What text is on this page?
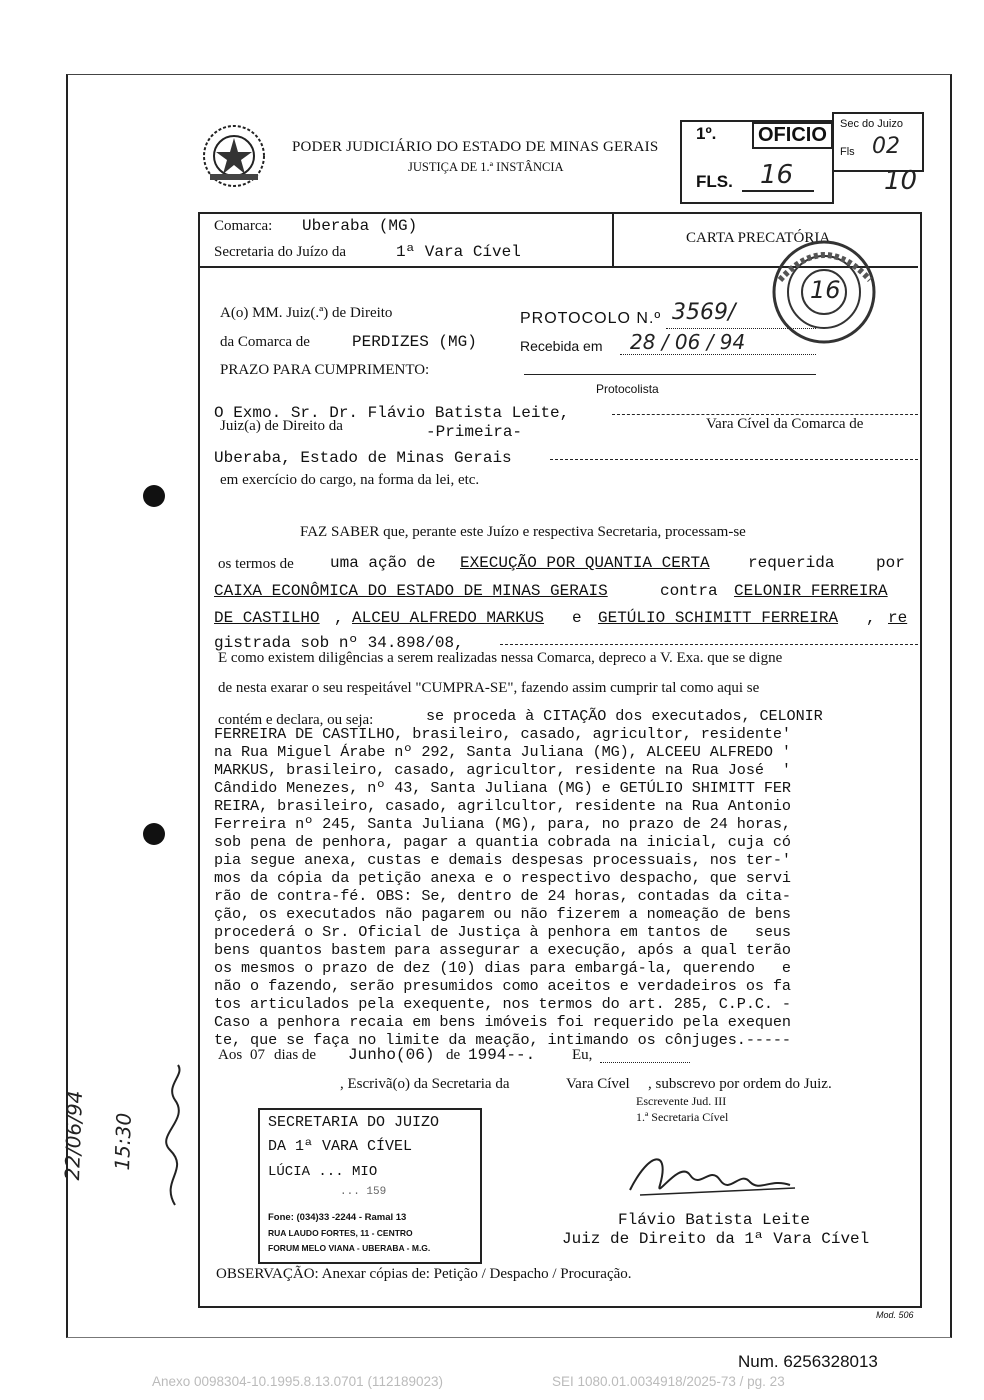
PODER JUDICIÁRIO DO ESTADO DE MINAS GERAIS
JUSTIÇA DE 1.ª INSTÂNCIA
1º.	OFICIO
FLS. 16	10
Sec do Juizo
Fls 02
Comarca: Uberaba (MG)
Secretaria do Juízo da	1ª Vara Cível
CARTA PRECATÓRIA
16
A(o) MM. Juiz(.ª) de Direito
da Comarca de	PERDIZES (MG)
PRAZO PARA CUMPRIMENTO:
PROTOCOLO N.º 3569/
Recebida em 28 / 06 / 94
Protocolista
O Exmo. Sr. Dr. Flávio Batista Leite,
Juiz(a) de Direito da	-Primeira-	Vara Cível da Comarca de
Uberaba, Estado de Minas Gerais
em exercício do cargo, na forma da lei, etc.
FAZ SABER que, perante este Juízo e respectiva Secretaria, processam-se
os termos de uma ação de EXECUÇÃO POR QUANTIA CERTA requerida	por
CAIXA ECONÔMICA DO ESTADO DE MINAS GERAIS	contra CELONIR FERREIRA
DE CASTILHO , ALCEU ALFREDO MARKUS e GETÚLIO SCHIMITT FERREIRA , re
gistrada sob nº 34.898/08,
E como existem diligências a serem realizadas nessa Comarca, depreco a V. Exa. que se digne
de nesta exarar o seu respeitável "CUMPRA-SE", fazendo assim cumprir tal como aqui se
contém e declara, ou seja:	se proceda à CITAÇÃO dos executados, CELONIR
FERREIRA DE CASTILHO, brasileiro, casado, agricultor, residente'
na Rua Miguel Árabe nº 292, Santa Juliana (MG), ALCEEU ALFREDO '
MARKUS, brasileiro, casado, agricultor, residente na Rua José  '
Cândido Menezes, nº 43, Santa Juliana (MG) e GETÚLIO SHIMITT FER
REIRA, brasileiro, casado, agrilcultor, residente na Rua Antonio
Ferreira nº 245, Santa Juliana (MG), para, no prazo de 24 horas,
sob pena de penhora, pagar a quantia cobrada na inicial, cuja có
pia segue anexa, custas e demais despesas processuais, nos ter-'
mos da cópia da petição anexa e o respectivo despacho, que servi
rão de contra-fé. OBS: Se, dentro de 24 horas, contadas da cita-
ção, os executados não pagarem ou não fizerem a nomeação de bens
procederá o Sr. Oficial de Justiça à penhora em tantos de   seus
bens quantos bastem para assegurar a execução, após a qual terão
os mesmos o prazo de dez (10) dias para embargá-la, querendo   e
não o fazendo, serão presumidos como aceitos e verdadeiros os fa
tos articulados pela exequente, nos termos do art. 285, C.P.C. -
Caso a penhora recaia em bens imóveis foi requerido pela exequen
te, que se faça no limite da meação, intimando os cônjuges.-----
Aos 07 dias de Junho(06) de 1994--. Eu,
, Escrivã(o) da Secretaria da	Vara Cível , subscrevo por ordem do Juiz.
Escrevente Jud. III
1.ª Secretaria Cível
SECRETARIA DO JUIZO
DA 1ª VARA CÍVEL
LÚCIA ... MIO
... 159
Fone: (034)33 -2244 - Ramal 13
RUA LAUDO FORTES, 11 - CENTRO
FORUM MELO VIANA - UBERABA - M.G.
22/06/94 15:30
Flávio Batista Leite
Juiz de Direito da 1ª Vara Cível
OBSERVAÇÃO: Anexar cópias de: Petição / Despacho / Procuração.
Mod. 506
Num. 6256328013
Anexo 0098304-10.1995.8.13.0701 (112189023)	SEI 1080.01.0034918/2025-73 / pg. 23
